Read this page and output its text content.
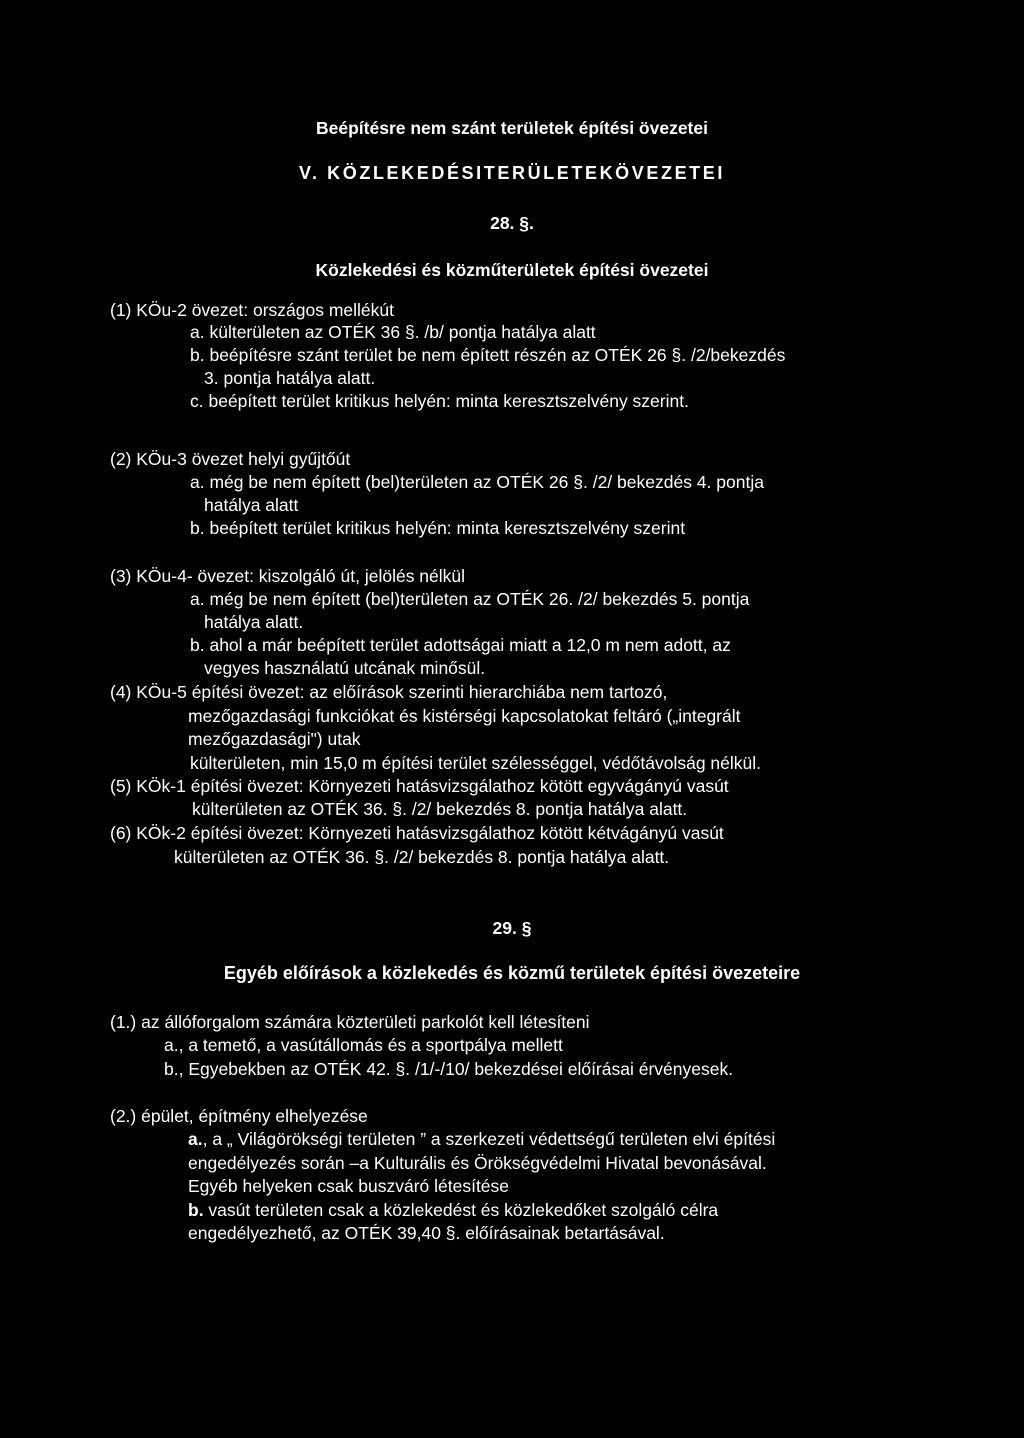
Beépítésre nem szánt területek építési övezetei

V. KÖZLEKEDÉSITERÜLETEKÖVEZETEI

28. §.

Közlekedési és közműterületek építési övezetei

(1) KÖu-2 övezet: országos mellékút

a. külterületen az OTÉK 36 §. /b/ pontja hatálya alatt

b. beépítésre szánt terület be nem épített részén az OTÉK 26 §. /2/bekezdés

3. pontja hatálya alatt.

c. beépített terület kritikus helyén: minta keresztszelvény szerint.

(2) KÖu-3 övezet helyi gyűjtőút

a. még be nem épített (bel)területen az OTÉK 26 §. /2/ bekezdés 4. pontja

hatálya alatt

b. beépített terület kritikus helyén: minta keresztszelvény szerint

(3) KÖu-4- övezet: kiszolgáló út, jelölés nélkül

a. még be nem épített (bel)területen az OTÉK 26. /2/ bekezdés 5. pontja

hatálya alatt.

b. ahol a már beépített terület adottságai miatt a 12,0 m nem adott, az

vegyes használatú utcának minősül.

(4) KÖu-5 építési övezet: az előírások szerinti hierarchiába nem tartozó,

mezőgazdasági funkciókat és kistérségi kapcsolatokat feltáró („integrált

mezőgazdasági") utak

külterületen, min 15,0 m építési terület szélességgel, védőtávolság nélkül.

(5) KÖk-1 építési övezet: Környezeti hatásvizsgálathoz kötött egyvágányú vasút

külterületen az OTÉK 36. §. /2/ bekezdés 8. pontja hatálya alatt.

(6) KÖk-2 építési övezet: Környezeti hatásvizsgálathoz kötött kétvágányú vasút

külterületen az OTÉK 36. §. /2/ bekezdés 8. pontja hatálya alatt.

29. §

Egyéb előírások a közlekedés és közmű területek építési övezeteire

(1.) az állóforgalom számára közterületi parkolót kell létesíteni

a., a temető, a vasútállomás és a sportpálya mellett

b., Egyebekben az OTÉK 42. §. /1/-/10/ bekezdései előírásai érvényesek.

(2.) épület, építmény elhelyezése

a., a „ Világörökségi területen ” a szerkezeti védettségű területen elvi építési

engedélyezés során –a Kulturális és Örökségvédelmi Hivatal bevonásával.

Egyéb helyeken csak buszváró létesítése

b. vasút területen csak a közlekedést és közlekedőket szolgáló célra

engedélyezhető, az OTÉK 39,40 §. előírásainak betartásával.
